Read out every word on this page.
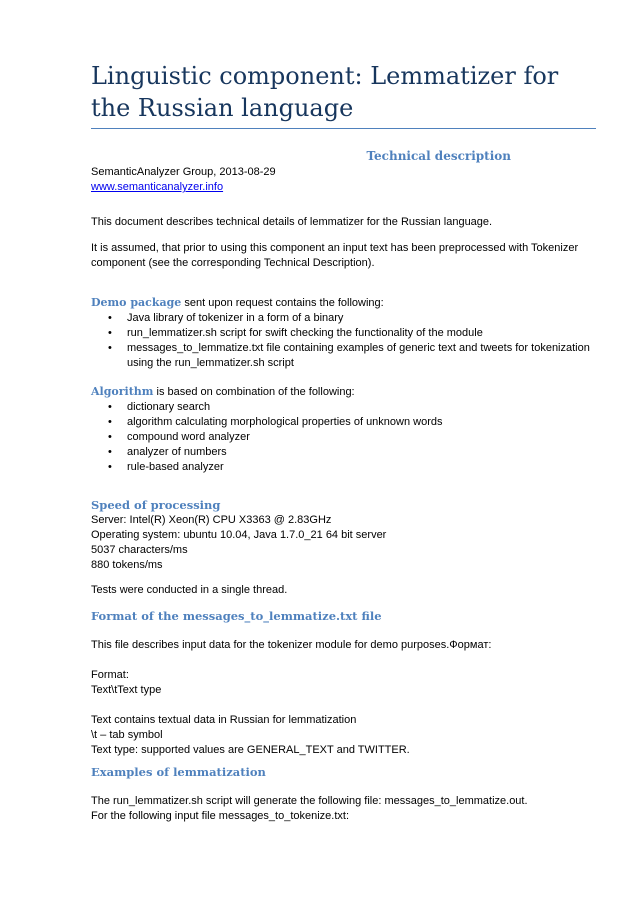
Linguistic component: Lemmatizer for the Russian language
Technical description

SemanticAnalyzer Group, 2013-08-29

www.semanticanalyzer.info

This document describes technical details of lemmatizer for the Russian language.

It is assumed, that prior to using this component an input text has been preprocessed with Tokenizer component (see the corresponding Technical Description).

Demo package sent upon request contains the following:

• Java library of tokenizer in a form of a binary
• run_lemmatizer.sh script for swift checking the functionality of the module
• messages_to_lemmatize.txt file containing examples of generic text and tweets for tokenization using the run_lemmatizer.sh script

Algorithm is based on combination of the following:

• dictionary search
• algorithm calculating morphological properties of unknown words
• compound word analyzer
• analyzer of numbers
• rule-based analyzer
Speed of processing

Server: Intel(R) Xeon(R) CPU X3363 @ 2.83GHz

Operating system: ubuntu 10.04, Java 1.7.0_21 64 bit server

5037 characters/ms

880 tokens/ms

Tests were conducted in a single thread.

Format of the messages_to_lemmatize.txt file

This file describes input data for the tokenizer module for demo purposes.Формат:

Format:

Text\tText type

Text contains textual data in Russian for lemmatization

\t – tab symbol

Text type: supported values are GENERAL_TEXT and TWITTER.

Examples of lemmatization

The run_lemmatizer.sh script will generate the following file: messages_to_lemmatize.out.

For the following input file messages_to_tokenize.txt:
